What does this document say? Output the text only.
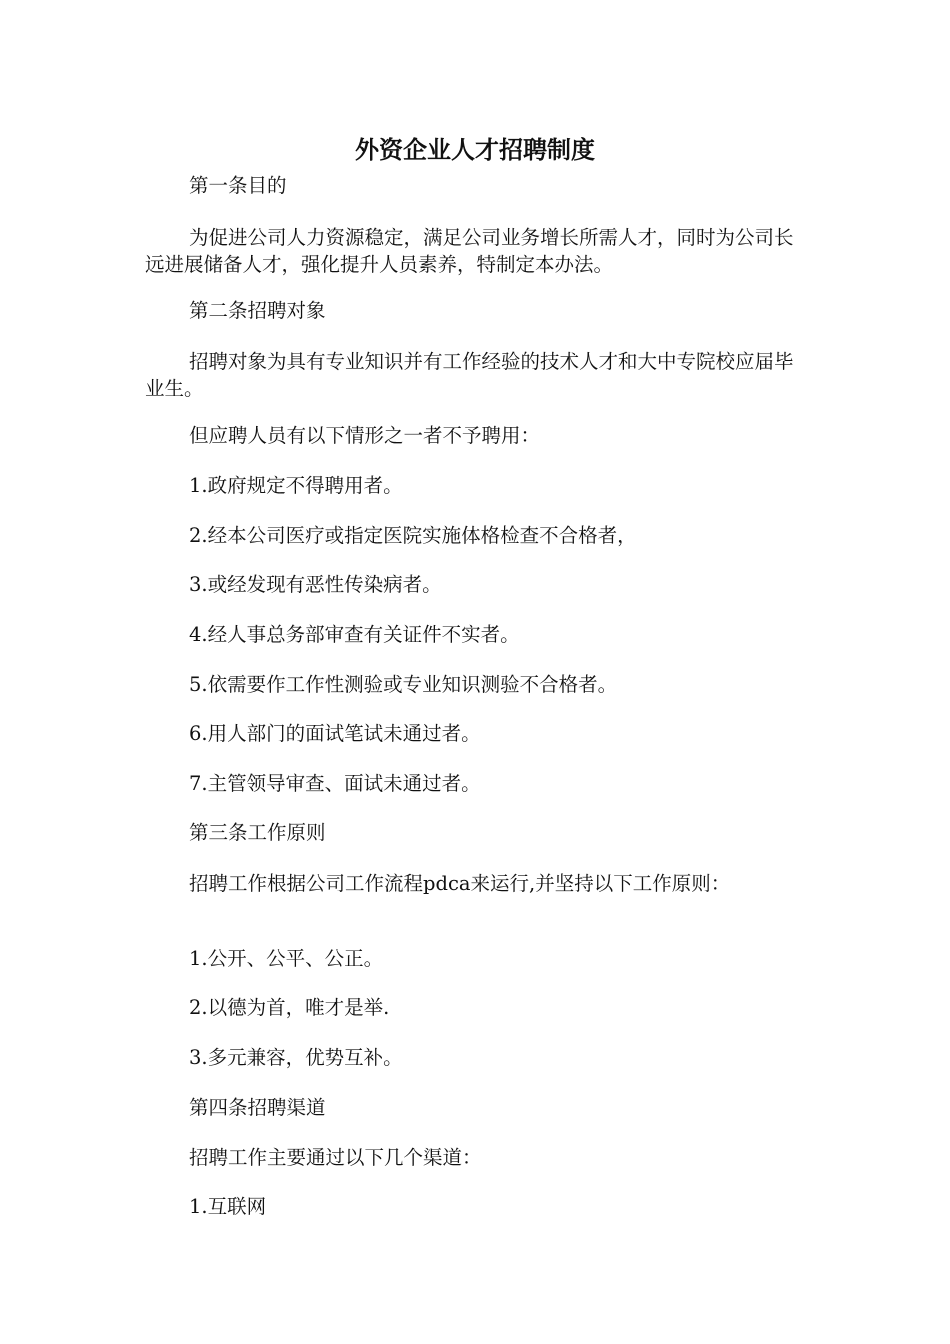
外资企业人才招聘制度

第一条目的

为促进公司人力资源稳定，满足公司业务增长所需人才，同时为公司长远进展储备人才，强化提升人员素养，特制定本办法。

第二条招聘对象

招聘对象为具有专业知识并有工作经验的技术人才和大中专院校应届毕业生。

但应聘人员有以下情形之一者不予聘用：

1.政府规定不得聘用者。

2.经本公司医疗或指定医院实施体格检查不合格者，

3.或经发现有恶性传染病者。

4.经人事总务部审查有关证件不实者。

5.依需要作工作性测验或专业知识测验不合格者。

6.用人部门的面试笔试未通过者。

7.主管领导审查、面试未通过者。

第三条工作原则

招聘工作根据公司工作流程pdca来运行,并坚持以下工作原则：

1.公开、公平、公正。

2.以德为首，唯才是举.

3.多元兼容，优势互补。

第四条招聘渠道

招聘工作主要通过以下几个渠道：

1.互联网
